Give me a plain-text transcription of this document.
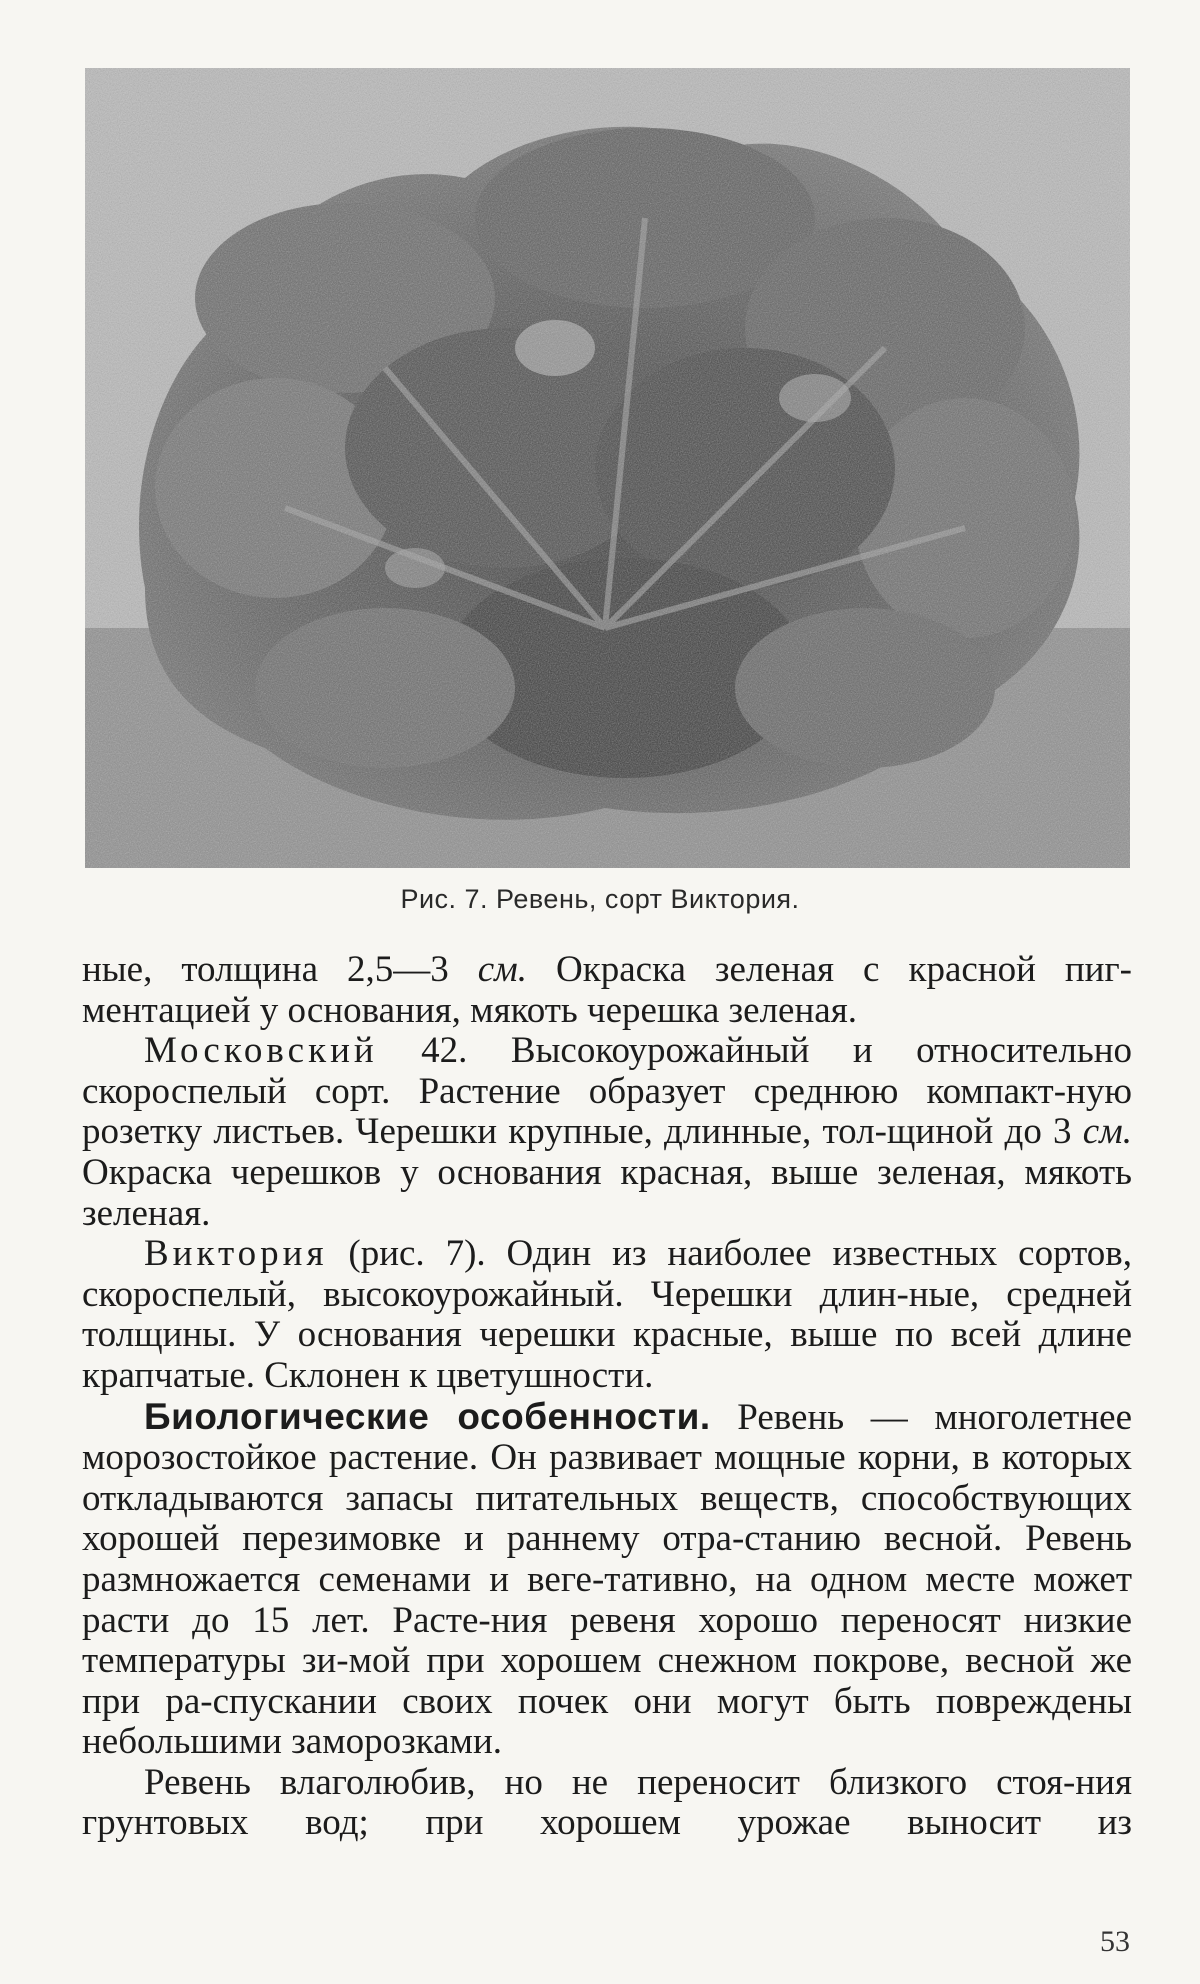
Рис. 7. Ревень, сорт Виктория.

ные, толщина 2,5—3 см. Окраска зеленая с красной пиг-ментацией у основания, мякоть черешка зеленая.

Московский 42. Высокоурожайный и относительно скороспелый сорт. Растение образует среднюю компакт-ную розетку листьев. Черешки крупные, длинные, тол-щиной до 3 см. Окраска черешков у основания красная, выше зеленая, мякоть зеленая.

Виктория (рис. 7). Один из наиболее известных сортов, скороспелый, высокоурожайный. Черешки длин-ные, средней толщины. У основания черешки красные, выше по всей длине крапчатые. Склонен к цветушности.

Биологические особенности. Ревень — многолетнее морозостойкое растение. Он развивает мощные корни, в которых откладываются запасы питательных веществ, способствующих хорошей перезимовке и раннему отра-станию весной. Ревень размножается семенами и веге-тативно, на одном месте может расти до 15 лет. Расте-ния ревеня хорошо переносят низкие температуры зи-мой при хорошем снежном покрове, весной же при ра-спускании своих почек они могут быть повреждены небольшими заморозками.

Ревень влаголюбив, но не переносит близкого стоя-ния грунтовых вод; при хорошем урожае выносит из

53
